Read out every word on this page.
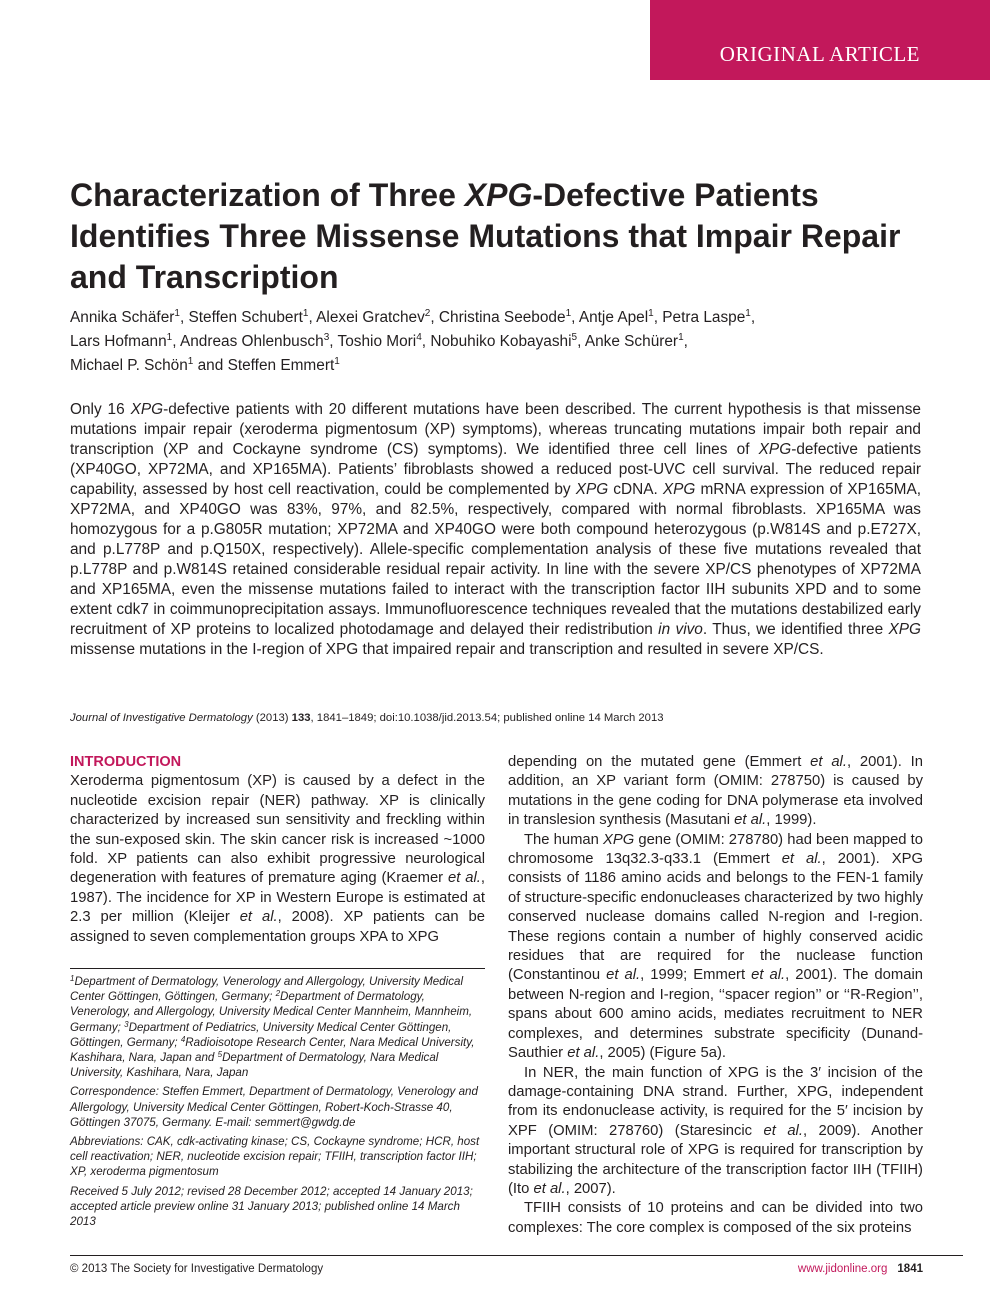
ORIGINAL ARTICLE
Characterization of Three XPG-Defective Patients Identifies Three Missense Mutations that Impair Repair and Transcription
Annika Schäfer$^1$, Steffen Schubert$^1$, Alexei Gratchev$^2$, Christina Seebode$^1$, Antje Apel$^1$, Petra Laspe$^1$,
Lars Hofmann$^1$, Andreas Ohlenbusch$^3$, Toshio Mori$^4$, Nobuhiko Kobayashi$^5$, Anke Schürer$^1$,
Michael P. Schön$^1$ and Steffen Emmert$^1$

Only 16 XPG-defective patients with 20 different mutations have been described. The current hypothesis is that missense mutations impair repair (xeroderma pigmentosum (XP) symptoms), whereas truncating mutations impair both repair and transcription (XP and Cockayne syndrome (CS) symptoms). We identified three cell lines of XPG-defective patients (XP40GO, XP72MA, and XP165MA). Patients’ fibroblasts showed a reduced post-UVC cell survival. The reduced repair capability, assessed by host cell reactivation, could be complemented by XPG cDNA. XPG mRNA expression of XP165MA, XP72MA, and XP40GO was 83%, 97%, and 82.5%, respectively, compared with normal fibroblasts. XP165MA was homozygous for a p.G805R mutation; XP72MA and XP40GO were both compound heterozygous (p.W814S and p.E727X, and p.L778P and p.Q150X, respectively). Allele-specific complementation analysis of these five mutations revealed that p.L778P and p.W814S retained considerable residual repair activity. In line with the severe XP/CS phenotypes of XP72MA and XP165MA, even the missense mutations failed to interact with the transcription factor IIH subunits XPD and to some extent cdk7 in coimmunoprecipitation assays. Immunofluorescence techniques revealed that the mutations destabilized early recruitment of XP proteins to localized photodamage and delayed their redistribution in vivo. Thus, we identified three XPG missense mutations in the I-region of XPG that impaired repair and transcription and resulted in severe XP/CS.

Journal of Investigative Dermatology (2013) 133, 1841–1849; doi:10.1038/jid.2013.54; published online 14 March 2013
INTRODUCTION

Xeroderma pigmentosum (XP) is caused by a defect in the nucleotide excision repair (NER) pathway. XP is clinically characterized by increased sun sensitivity and freckling within the sun-exposed skin. The skin cancer risk is increased ~1000 fold. XP patients can also exhibit progressive neurological degeneration with features of premature aging (Kraemer et al., 1987). The incidence for XP in Western Europe is estimated at 2.3 per million (Kleijer et al., 2008). XP patients can be assigned to seven complementation groups XPA to XPG

$^1$Department of Dermatology, Venerology and Allergology, University Medical Center Göttingen, Göttingen, Germany; $^2$Department of Dermatology, Venerology, and Allergology, University Medical Center Mannheim, Mannheim, Germany; $^3$Department of Pediatrics, University Medical Center Göttingen, Göttingen, Germany; $^4$Radioisotope Research Center, Nara Medical University, Kashihara, Nara, Japan and $^5$Department of Dermatology, Nara Medical University, Kashihara, Nara, Japan

Correspondence: Steffen Emmert, Department of Dermatology, Venerology and Allergology, University Medical Center Göttingen, Robert-Koch-Strasse 40, Göttingen 37075, Germany. E-mail: semmert@gwdg.de

Abbreviations: CAK, cdk-activating kinase; CS, Cockayne syndrome; HCR, host cell reactivation; NER, nucleotide excision repair; TFIIH, transcription factor IIH; XP, xeroderma pigmentosum

Received 5 July 2012; revised 28 December 2012; accepted 14 January 2013; accepted article preview online 31 January 2013; published online 14 March 2013

depending on the mutated gene (Emmert et al., 2001). In addition, an XP variant form (OMIM: 278750) is caused by mutations in the gene coding for DNA polymerase eta involved in translesion synthesis (Masutani et al., 1999).

The human XPG gene (OMIM: 278780) had been mapped to chromosome 13q32.3-q33.1 (Emmert et al., 2001). XPG consists of 1186 amino acids and belongs to the FEN-1 family of structure-specific endonucleases characterized by two highly conserved nuclease domains called N-region and I-region. These regions contain a number of highly conserved acidic residues that are required for the nuclease function (Constantinou et al., 1999; Emmert et al., 2001). The domain between N-region and I-region, ‘‘spacer region’’ or ‘‘R-Region’’, spans about 600 amino acids, mediates recruitment to NER complexes, and determines substrate specificity (Dunand-Sauthier et al., 2005) (Figure 5a).

In NER, the main function of XPG is the 3′ incision of the damage-containing DNA strand. Further, XPG, independent from its endonuclease activity, is required for the 5′ incision by XPF (OMIM: 278760) (Staresincic et al., 2009). Another important structural role of XPG is required for transcription by stabilizing the architecture of the transcription factor IIH (TFIIH) (Ito et al., 2007).

TFIIH consists of 10 proteins and can be divided into two complexes: The core complex is composed of the six proteins

© 2013 The Society for Investigative Dermatology	www.jidonline.org 1841
